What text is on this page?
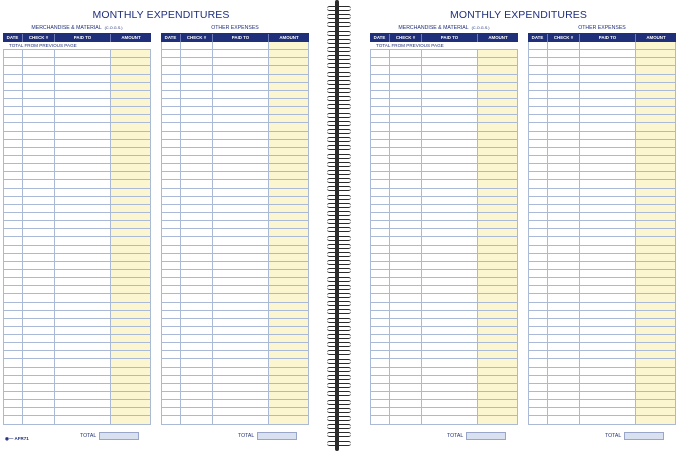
MONTHLY EXPENDITURES
MERCHANDISE & MATERIAL (C.O.G.S.)
DATE	CHECK #	PAID TO	AMOUNT
TOTAL FROM PREVIOUS PAGE
TOTAL
OTHER EXPENSES
DATE	CHECK #	PAID TO	AMOUNT
TOTAL
◉— AFR71
MONTHLY EXPENDITURES
MERCHANDISE & MATERIAL (C.O.G.S.)
DATE	CHECK #	PAID TO	AMOUNT
TOTAL FROM PREVIOUS PAGE
TOTAL
OTHER EXPENSES
DATE	CHECK #	PAID TO	AMOUNT
TOTAL
